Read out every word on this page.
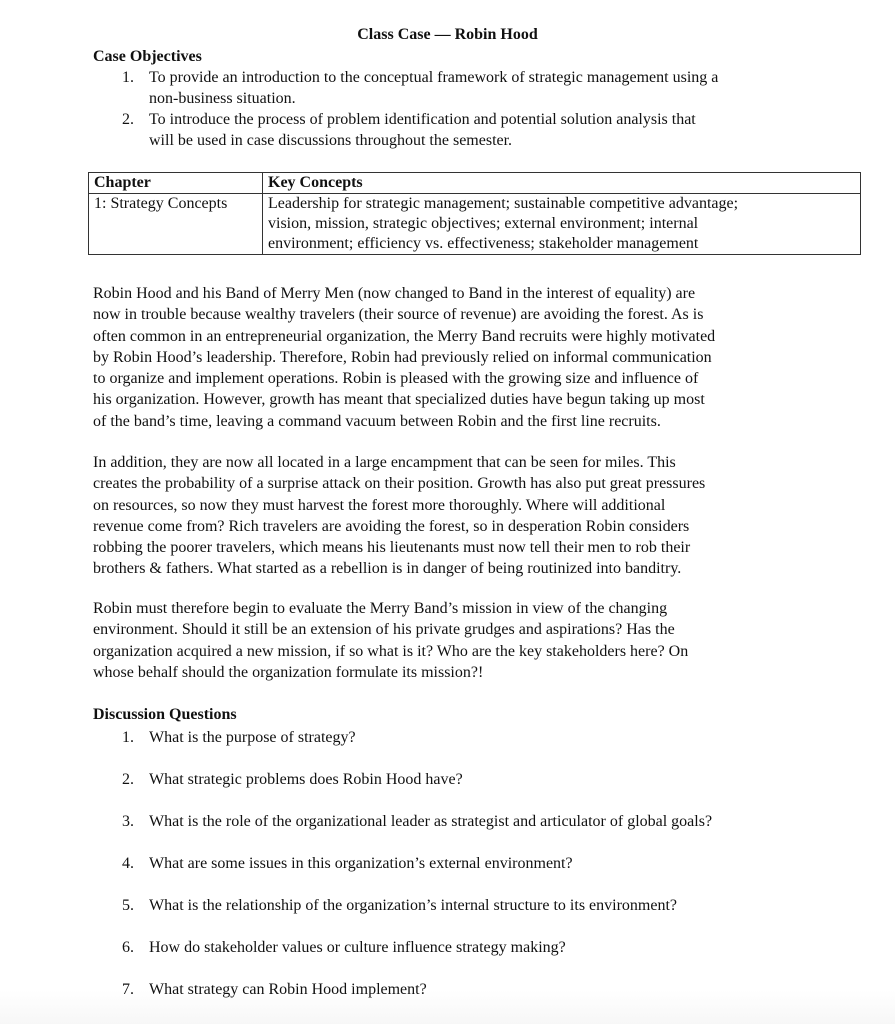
Class Case — Robin Hood
Case Objectives
1. To provide an introduction to the conceptual framework of strategic management using a
non-business situation.
2. To introduce the process of problem identification and potential solution analysis that
will be used in case discussions throughout the semester.
Chapter	Key Concepts
1: Strategy Concepts	Leadership for strategic management; sustainable competitive advantage;
vision, mission, strategic objectives; external environment; internal
environment; efficiency vs. effectiveness; stakeholder management
Robin Hood and his Band of Merry Men (now changed to Band in the interest of equality) are
now in trouble because wealthy travelers (their source of revenue) are avoiding the forest. As is
often common in an entrepreneurial organization, the Merry Band recruits were highly motivated
by Robin Hood’s leadership. Therefore, Robin had previously relied on informal communication
to organize and implement operations. Robin is pleased with the growing size and influence of
his organization. However, growth has meant that specialized duties have begun taking up most
of the band’s time, leaving a command vacuum between Robin and the first line recruits.
In addition, they are now all located in a large encampment that can be seen for miles. This
creates the probability of a surprise attack on their position. Growth has also put great pressures
on resources, so now they must harvest the forest more thoroughly. Where will additional
revenue come from? Rich travelers are avoiding the forest, so in desperation Robin considers
robbing the poorer travelers, which means his lieutenants must now tell their men to rob their
brothers & fathers. What started as a rebellion is in danger of being routinized into banditry.
Robin must therefore begin to evaluate the Merry Band’s mission in view of the changing
environment. Should it still be an extension of his private grudges and aspirations? Has the
organization acquired a new mission, if so what is it? Who are the key stakeholders here? On
whose behalf should the organization formulate its mission?!
Discussion Questions
1. What is the purpose of strategy?
2. What strategic problems does Robin Hood have?
3. What is the role of the organizational leader as strategist and articulator of global goals?
4. What are some issues in this organization’s external environment?
5. What is the relationship of the organization’s internal structure to its environment?
6. How do stakeholder values or culture influence strategy making?
7. What strategy can Robin Hood implement?
